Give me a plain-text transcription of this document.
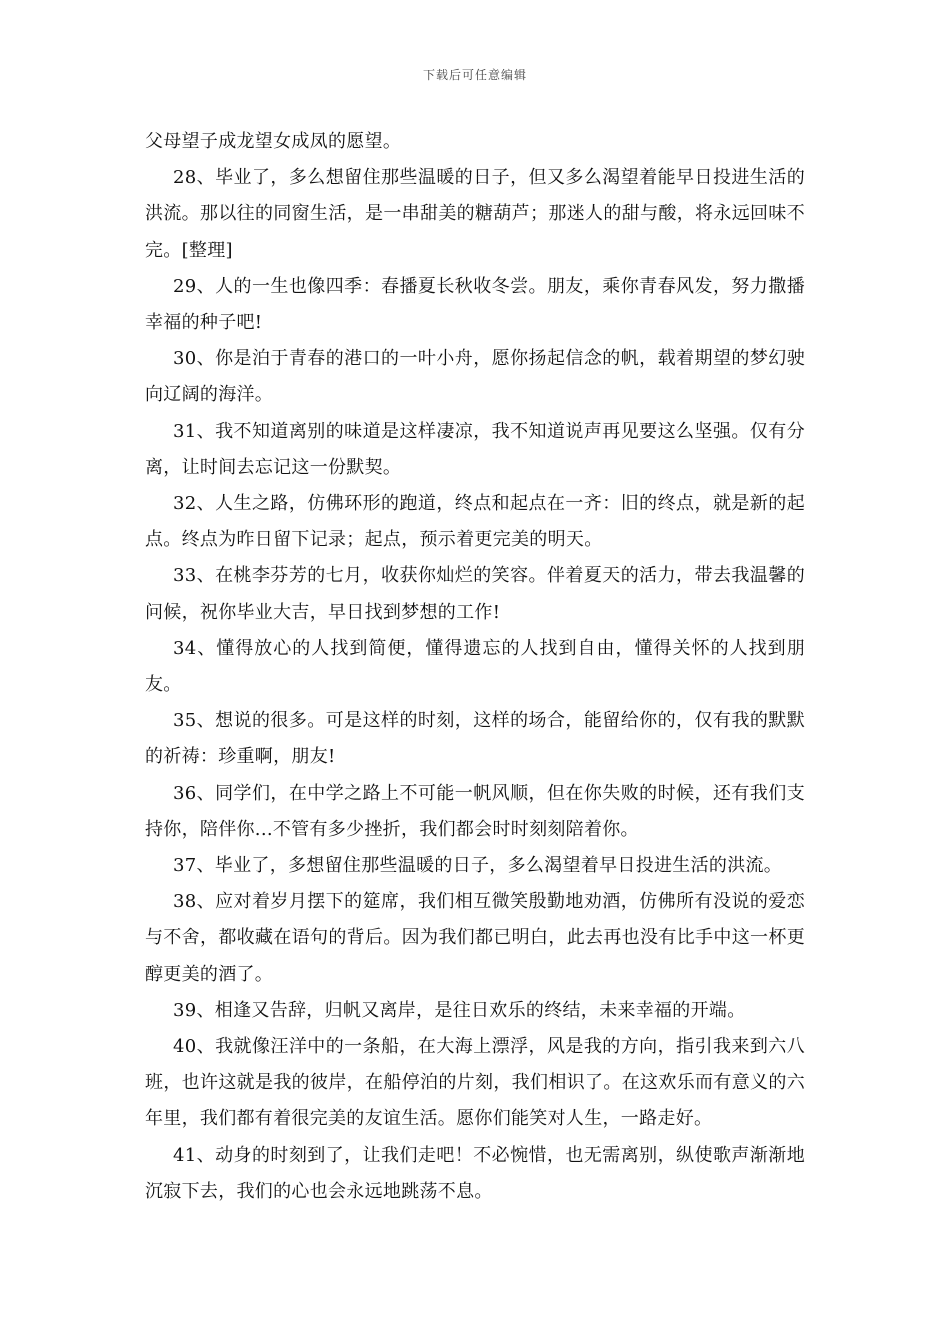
下载后可任意编辑

父母望子成龙望女成凤的愿望。

28、毕业了，多么想留住那些温暖的日子，但又多么渴望着能早日投进生活的洪流。那以往的同窗生活，是一串甜美的糖葫芦；那迷人的甜与酸，将永远回味不完。[整理]

29、人的一生也像四季：春播夏长秋收冬尝。朋友，乘你青春风发，努力撒播幸福的种子吧!

30、你是泊于青春的港口的一叶小舟，愿你扬起信念的帆，载着期望的梦幻驶向辽阔的海洋。

31、我不知道离别的味道是这样凄凉，我不知道说声再见要这么坚强。仅有分离，让时间去忘记这一份默契。

32、人生之路，仿佛环形的跑道，终点和起点在一齐：旧的终点，就是新的起点。终点为昨日留下记录；起点，预示着更完美的明天。

33、在桃李芬芳的七月，收获你灿烂的笑容。伴着夏天的活力，带去我温馨的问候，祝你毕业大吉，早日找到梦想的工作!

34、懂得放心的人找到简便，懂得遗忘的人找到自由，懂得关怀的人找到朋友。

35、想说的很多。可是这样的时刻，这样的场合，能留给你的，仅有我的默默的祈祷：珍重啊，朋友!

36、同学们，在中学之路上不可能一帆风顺，但在你失败的时候，还有我们支持你，陪伴你...不管有多少挫折，我们都会时时刻刻陪着你。

37、毕业了，多想留住那些温暖的日子，多么渴望着早日投进生活的洪流。

38、应对着岁月摆下的筵席，我们相互微笑殷勤地劝酒，仿佛所有没说的爱恋与不舍，都收藏在语句的背后。因为我们都已明白，此去再也没有比手中这一杯更醇更美的酒了。

39、相逢又告辞，归帆又离岸，是往日欢乐的终结，未来幸福的开端。

40、我就像汪洋中的一条船，在大海上漂浮，风是我的方向，指引我来到六八班，也许这就是我的彼岸，在船停泊的片刻，我们相识了。在这欢乐而有意义的六年里，我们都有着很完美的友谊生活。愿你们能笑对人生，一路走好。

41、动身的时刻到了，让我们走吧！不必惋惜，也无需离别，纵使歌声渐渐地沉寂下去，我们的心也会永远地跳荡不息。
